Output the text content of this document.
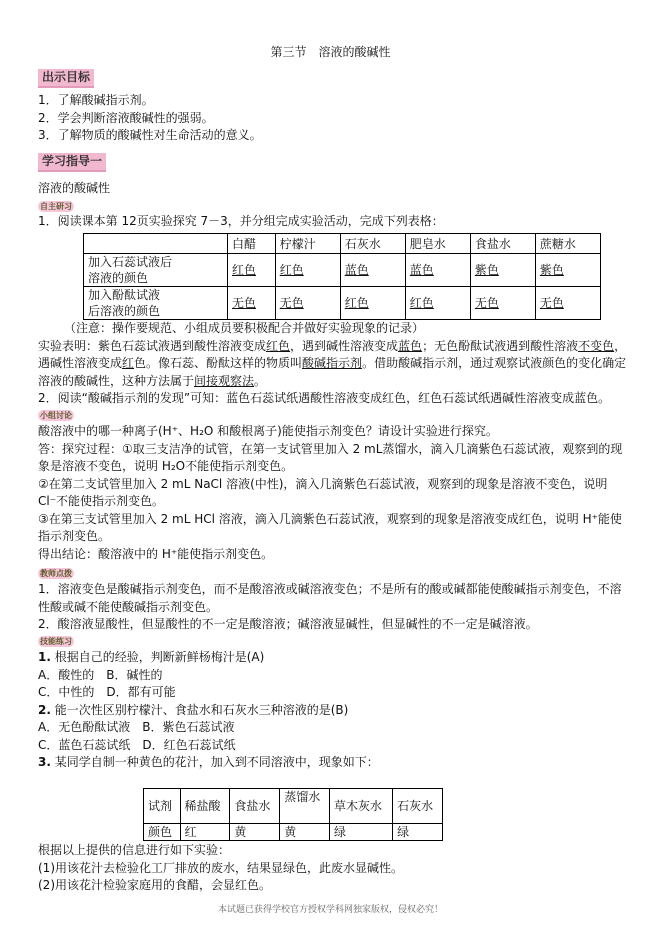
第三节 溶液的酸碱性
出示目标
1．了解酸碱指示剂。
2．学会判断溶液酸碱性的强弱。
3．了解物质的酸碱性对生命活动的意义。
学习指导一
溶液的酸碱性
自主研习
1．阅读课本第 12页实验探究 7－3，并分组完成实验活动，完成下列表格：
	白醋	柠檬汁	石灰水	肥皂水	食盐水	蔗糖水

加入石蕊试液后
溶液的颜色	红色	红色	蓝色	蓝色	紫色	紫色

加入酚酞试液
后溶液的颜色	无色	无色	红色	红色	无色	无色
（注意：操作要规范、小组成员要积极配合并做好实验现象的记录）
实验表明：紫色石蕊试液遇到酸性溶液变成红色，遇到碱性溶液变成蓝色；无色酚酞试液遇到酸性溶液不变色，遇碱性溶液变成红色。像石蕊、酚酞这样的物质叫酸碱指示剂。借助酸碱指示剂，通过观察试液颜色的变化确定溶液的酸碱性，这种方法属于间接观察法。
2．阅读“酸碱指示剂的发现”可知：蓝色石蕊试纸遇酸性溶液变成红色，红色石蕊试纸遇碱性溶液变成蓝色。
小组讨论
酸溶液中的哪一种离子(H⁺、H₂O 和酸根离子)能使指示剂变色？请设计实验进行探究。
答：探究过程：①取三支洁净的试管，在第一支试管里加入 2 mL蒸馏水，滴入几滴紫色石蕊试液，观察到的现象是溶液不变色，说明 H₂O不能使指示剂变色。
②在第二支试管里加入 2 mL NaCl 溶液(中性)，滴入几滴紫色石蕊试液，观察到的现象是溶液不变色，说明 Cl⁻不能使指示剂变色。
③在第三支试管里加入 2 mL HCl 溶液，滴入几滴紫色石蕊试液，观察到的现象是溶液变成红色，说明 H⁺能使指示剂变色。
得出结论：酸溶液中的 H⁺能使指示剂变色。
教师点拨
1．溶液变色是酸碱指示剂变色，而不是酸溶液或碱溶液变色；不是所有的酸或碱都能使酸碱指示剂变色，不溶性酸或碱不能使酸碱指示剂变色。
2．酸溶液显酸性，但显酸性的不一定是酸溶液；碱溶液显碱性，但显碱性的不一定是碱溶液。
技能练习
1. 根据自己的经验，判断新鲜杨梅汁是(A)
A．酸性的　B．碱性的
C．中性的　D．都有可能
2. 能一次性区别柠檬汁、食盐水和石灰水三种溶液的是(B)
A．无色酚酞试液　B．紫色石蕊试液
C．蓝色石蕊试纸　D．红色石蕊试纸
3. 某同学自制一种黄色的花汁，加入到不同溶液中，现象如下：
试剂	稀盐酸	食盐水	蒸馏水	草木灰水	石灰水
颜色	红	黄	黄	绿	绿
根据以上提供的信息进行如下实验：
(1)用该花汁去检验化工厂排放的废水，结果显绿色，此废水显碱性。
(2)用该花汁检验家庭用的食醋，会显红色。
本试题已获得学校官方授权学科网独家版权，侵权必究！
